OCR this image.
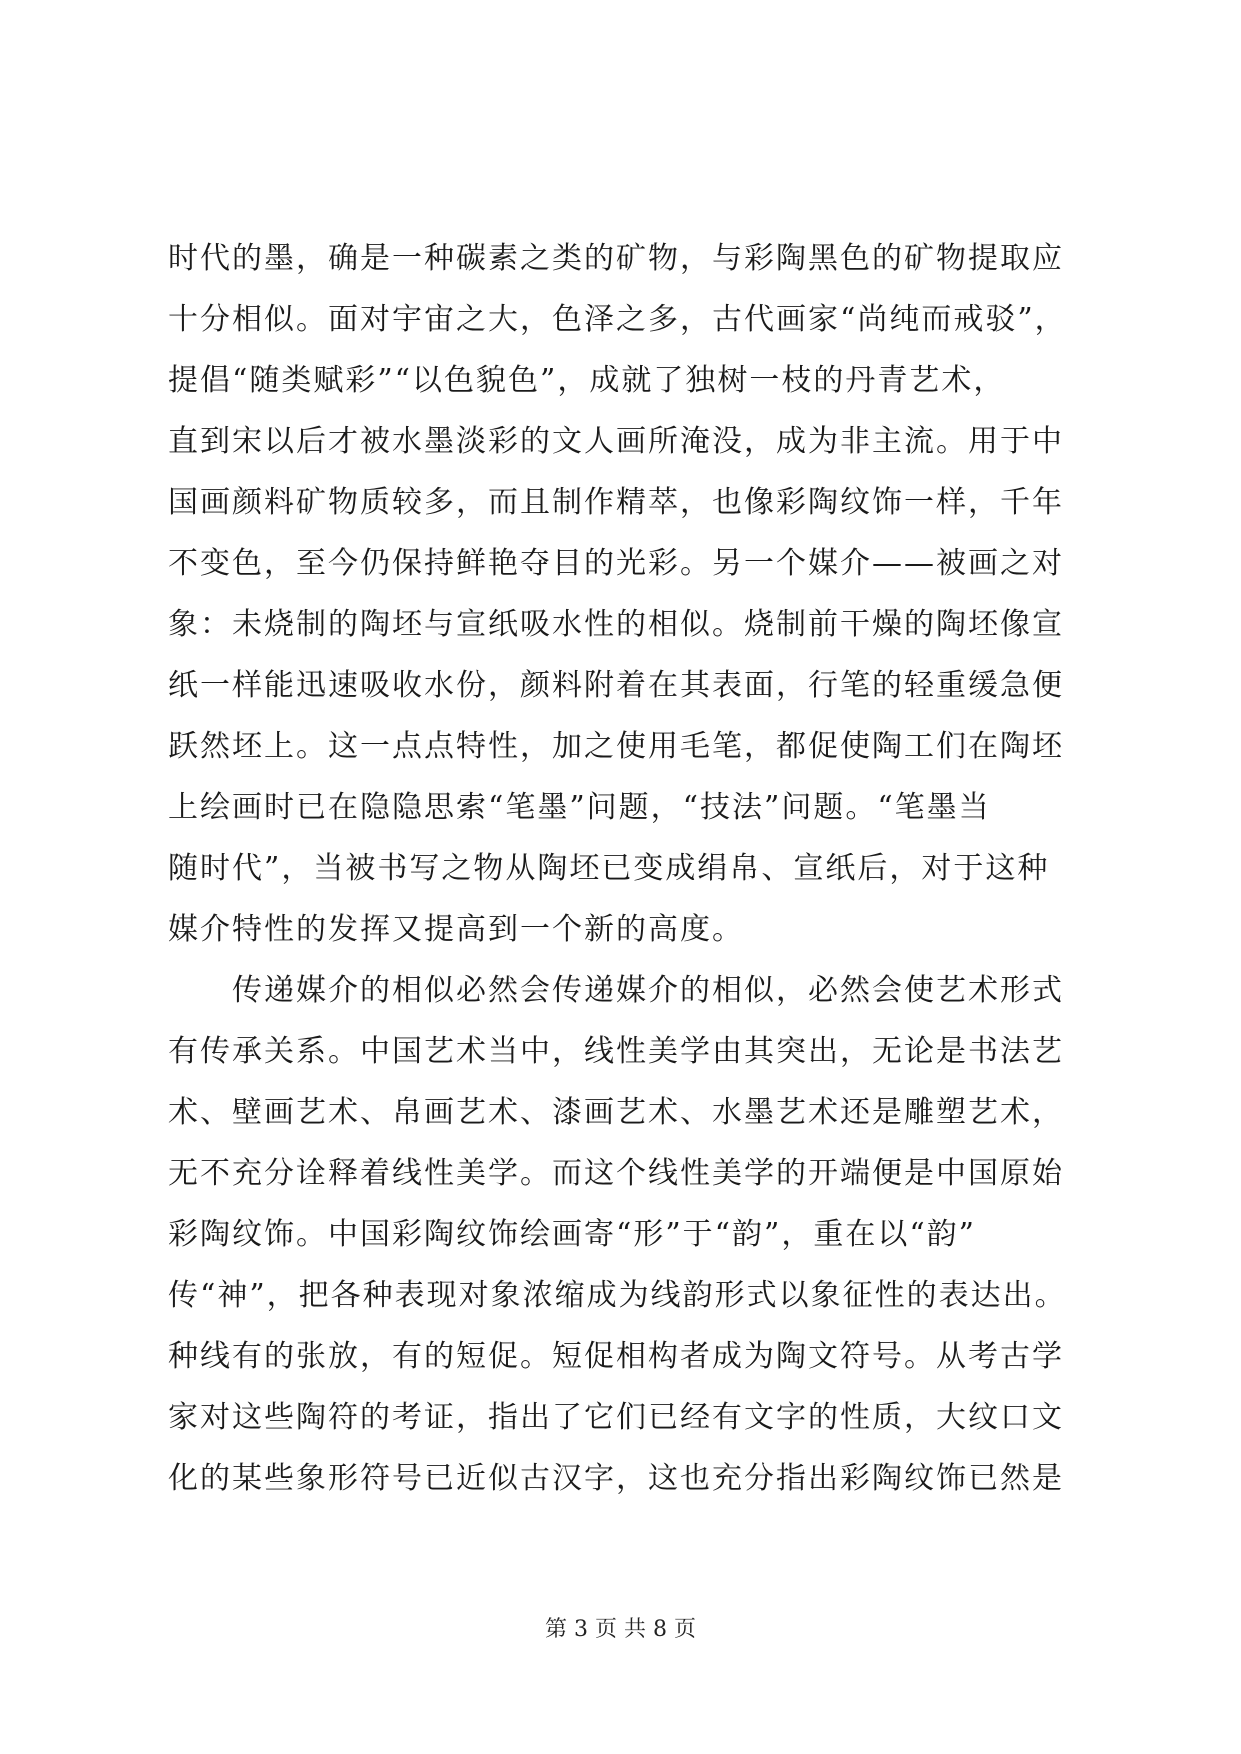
时代的墨，确是一种碳素之类的矿物，与彩陶黑色的矿物提取应
十分相似。面对宇宙之大，色泽之多，古代画家“尚纯而戒驳”，
提倡“随类赋彩”“以色貌色”，成就了独树一枝的丹青艺术，
直到宋以后才被水墨淡彩的文人画所淹没，成为非主流。用于中
国画颜料矿物质较多，而且制作精萃，也像彩陶纹饰一样，千年
不变色，至今仍保持鲜艳夺目的光彩。另一个媒介——被画之对
象：未烧制的陶坯与宣纸吸水性的相似。烧制前干燥的陶坯像宣
纸一样能迅速吸收水份，颜料附着在其表面，行笔的轻重缓急便
跃然坯上。这一点点特性，加之使用毛笔，都促使陶工们在陶坯
上绘画时已在隐隐思索“笔墨”问题，“技法”问题。“笔墨当
随时代”，当被书写之物从陶坯已变成绢帛、宣纸后，对于这种
媒介特性的发挥又提高到一个新的高度。
　　传递媒介的相似必然会传递媒介的相似，必然会使艺术形式
有传承关系。中国艺术当中，线性美学由其突出，无论是书法艺
术、壁画艺术、帛画艺术、漆画艺术、水墨艺术还是雕塑艺术，
无不充分诠释着线性美学。而这个线性美学的开端便是中国原始
彩陶纹饰。中国彩陶纹饰绘画寄“形”于“韵”，重在以“韵”
传“神”，把各种表现对象浓缩成为线韵形式以象征性的表达出。
种线有的张放，有的短促。短促相构者成为陶文符号。从考古学
家对这些陶符的考证，指出了它们已经有文字的性质，大纹口文
化的某些象形符号已近似古汉字，这也充分指出彩陶纹饰已然是
第 3 页 共 8 页
